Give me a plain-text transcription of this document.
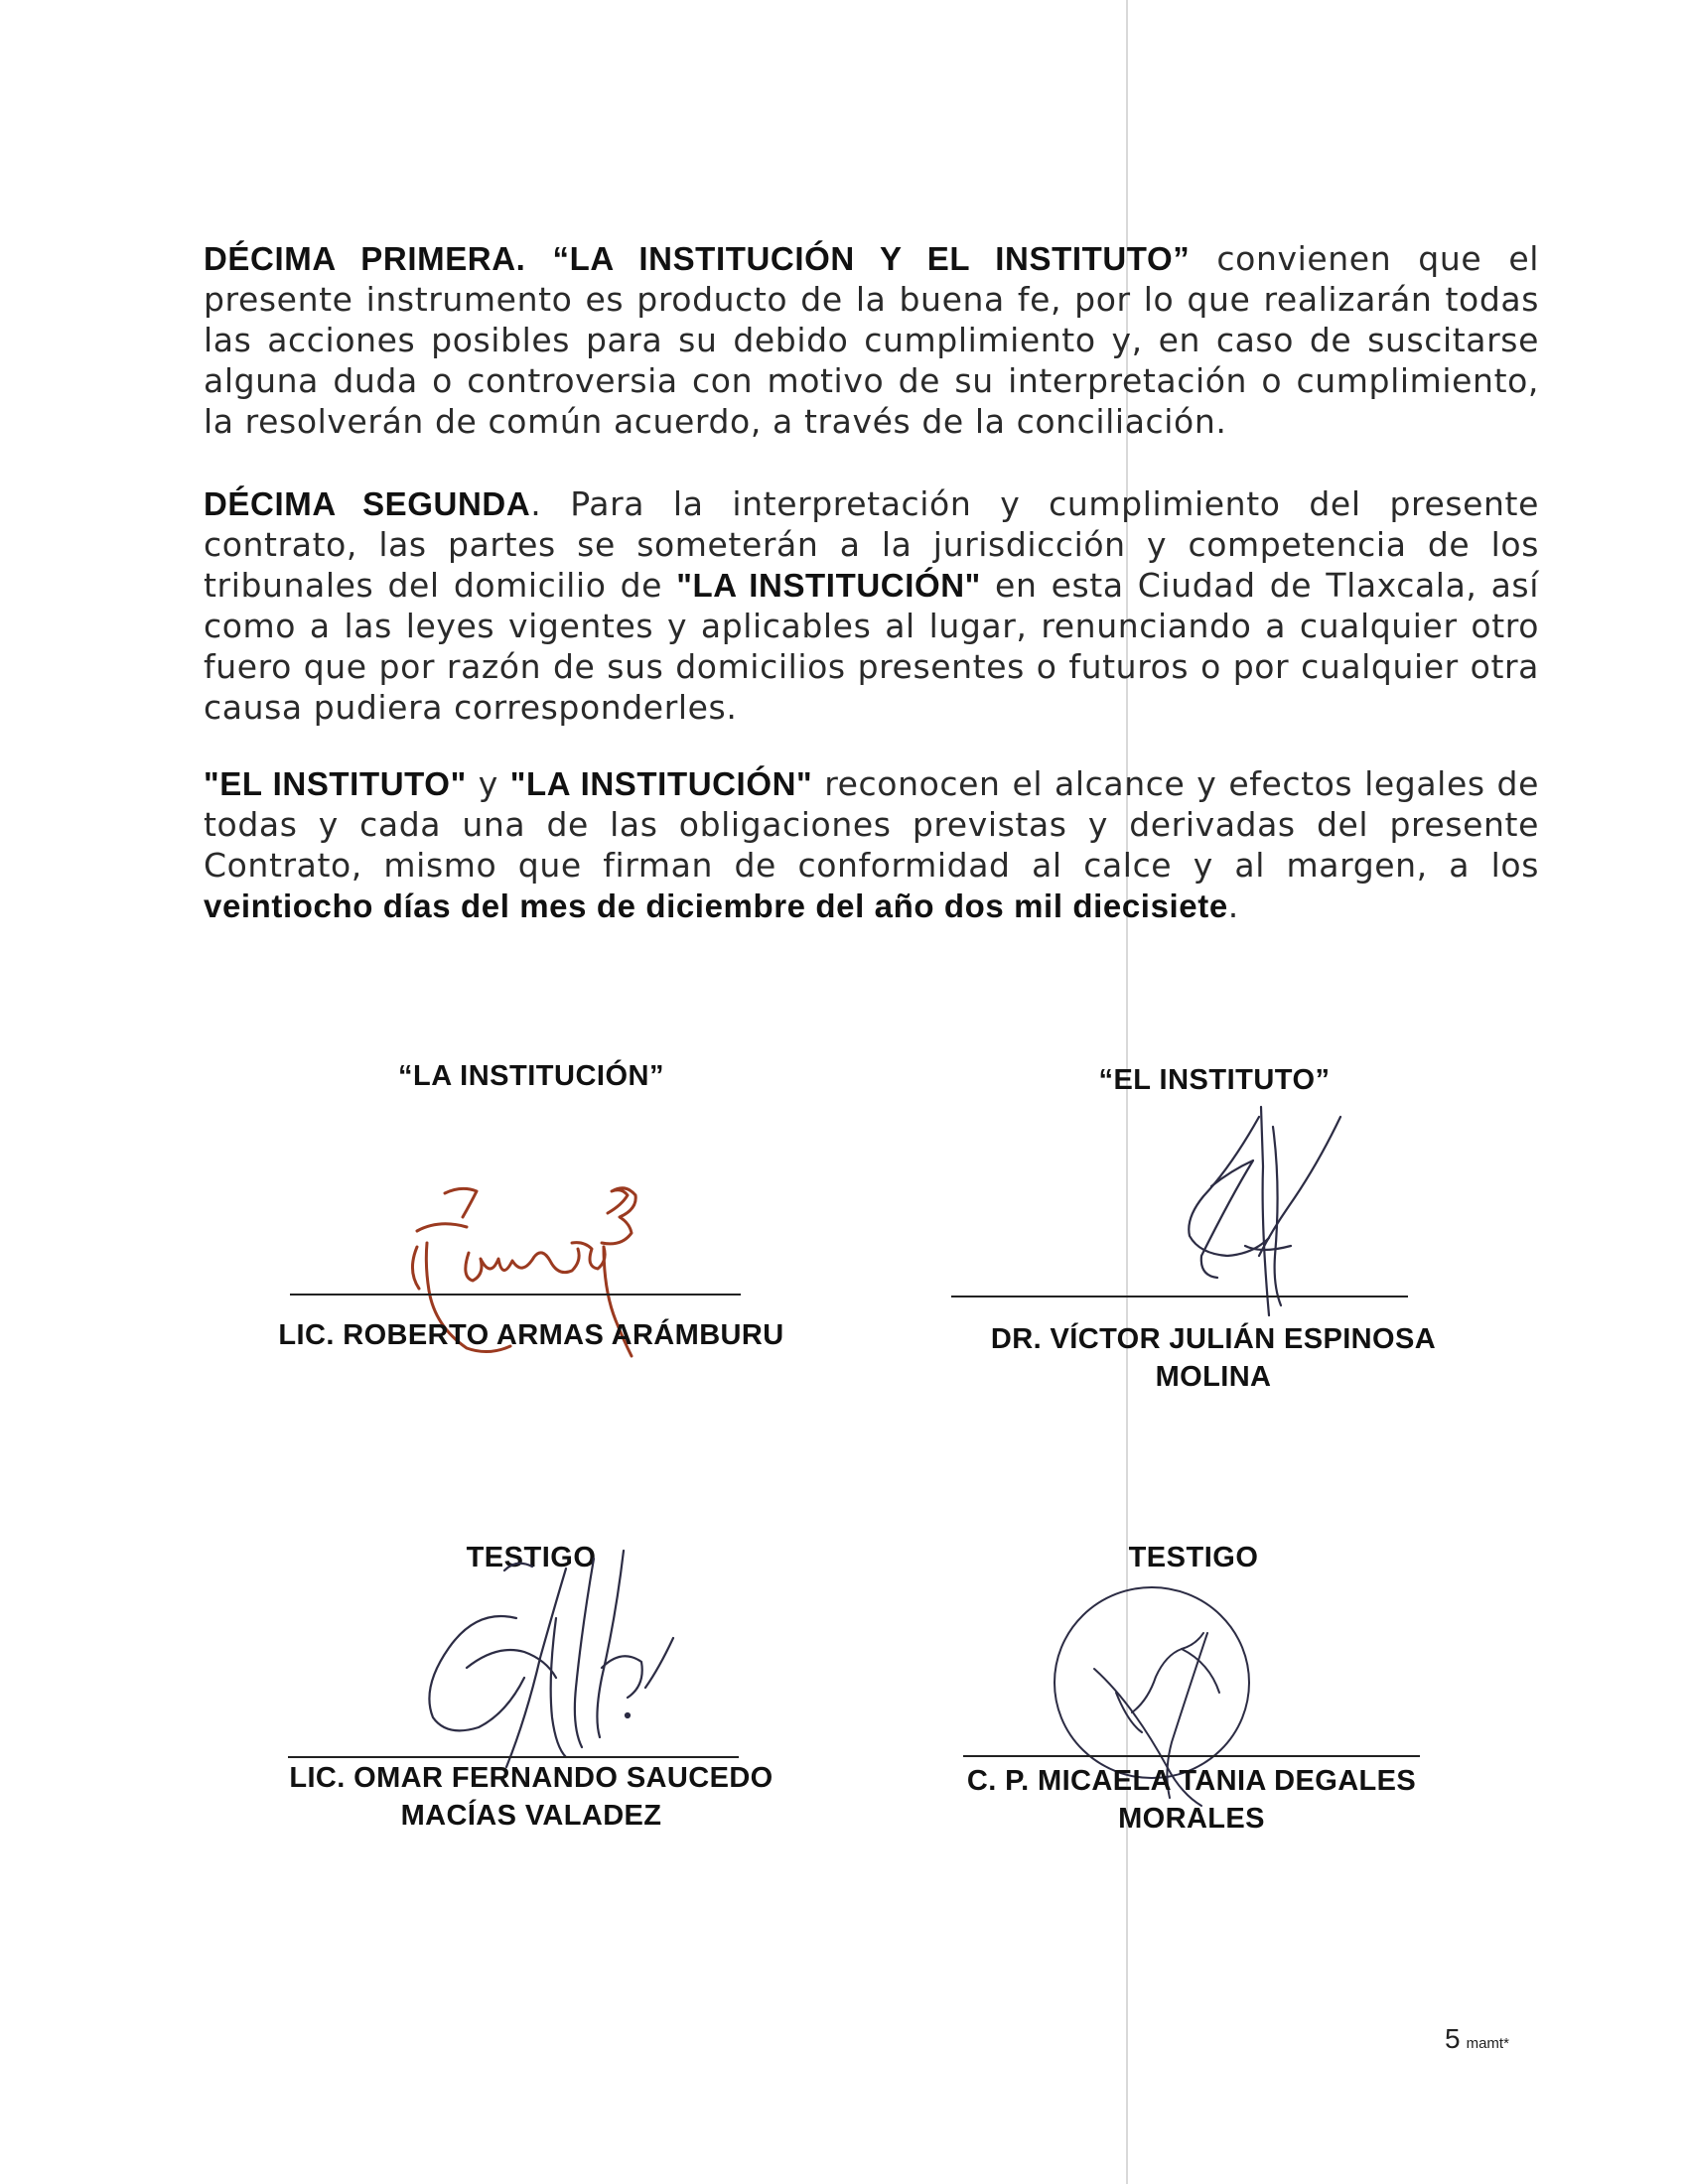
DÉCIMA PRIMERA. “LA INSTITUCIÓN Y EL INSTITUTO” convienen que el presente instrumento es producto de la buena fe, por lo que realizarán todas las acciones posibles para su debido cumplimiento y, en caso de suscitarse alguna duda o controversia con motivo de su interpretación o cumplimiento, la resolverán de común acuerdo, a través de la conciliación.

DÉCIMA SEGUNDA. Para la interpretación y cumplimiento del presente contrato, las partes se someterán a la jurisdicción y competencia de los tribunales del domicilio de "LA INSTITUCIÓN" en esta Ciudad de Tlaxcala, así como a las leyes vigentes y aplicables al lugar, renunciando a cualquier otro fuero que por razón de sus domicilios presentes o futuros o por cualquier otra causa pudiera corresponderles.

"EL INSTITUTO" y "LA INSTITUCIÓN" reconocen el alcance y efectos legales de todas y cada una de las obligaciones previstas y derivadas del presente Contrato, mismo que firman de conformidad al calce y al margen, a los veintiocho días del mes de diciembre del año dos mil diecisiete.

“LA INSTITUCIÓN”	“EL INSTITUTO”
LIC. ROBERTO ARMAS ARÁMBURU	DR. VÍCTOR JULIÁN ESPINOSA
MOLINA
TESTIGO	TESTIGO
LIC. OMAR FERNANDO SAUCEDO
MACÍAS VALADEZ
C. P. MICAELA TANIA DEGALES
MORALES
5 mamt*
